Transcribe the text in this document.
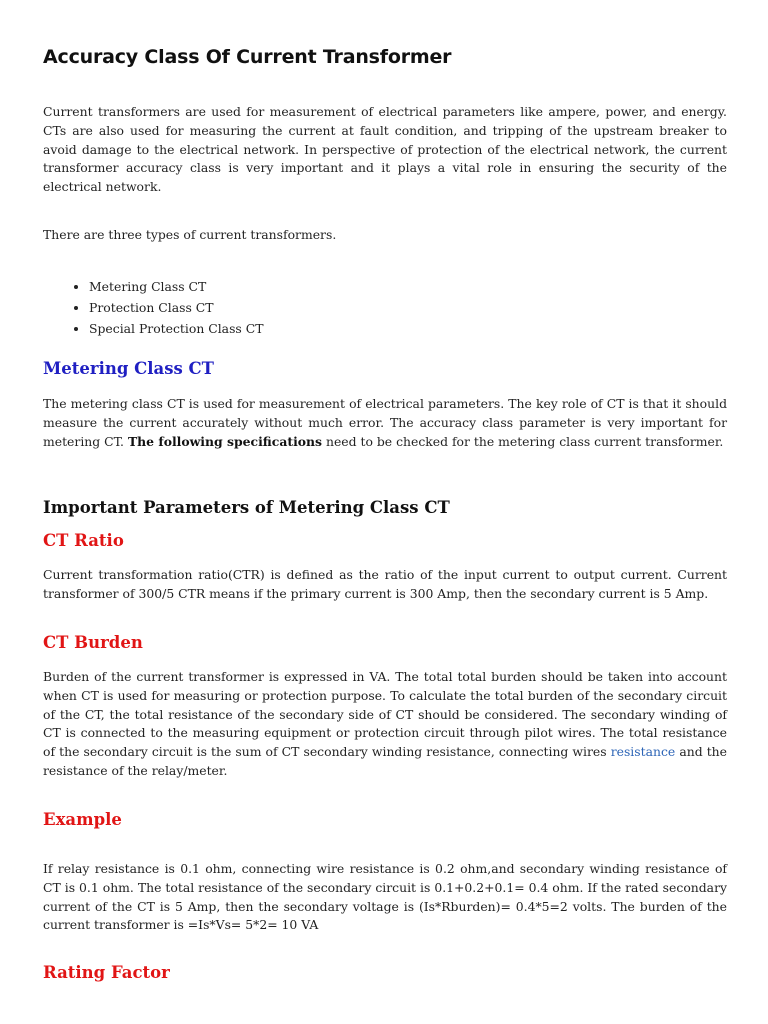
Accuracy Class Of Current Transformer

Current transformers are used for measurement of electrical parameters like ampere, power, and energy. CTs are also used for measuring the current at fault condition, and tripping of the upstream breaker to avoid damage to the electrical network. In perspective of protection of the electrical network, the current transformer accuracy class is very important and it plays a vital role in ensuring the security of the electrical network.

There are three types of current transformers.

• Metering Class CT
• Protection Class CT
• Special Protection Class CT
Metering Class CT

The metering class CT is used for measurement of electrical parameters. The key role of CT is that it should measure the current accurately without much error. The accuracy class parameter is very important for metering CT. The following specifications need to be checked for the metering class current transformer.

Important Parameters of Metering Class CT
CT Ratio

Current transformation ratio(CTR) is defined as the ratio of the input current to output current. Current transformer of 300/5 CTR means if the primary current is 300 Amp, then the secondary current is 5 Amp.

CT Burden

Burden of the current transformer is expressed in VA. The total total burden should be taken into account when CT is used for measuring or protection purpose. To calculate the total burden of the secondary circuit of the CT, the total resistance of the secondary side of CT should be considered. The secondary winding of CT is connected to the measuring equipment or protection circuit through pilot wires. The total resistance of the secondary circuit is the sum of CT secondary winding resistance, connecting wires resistance and the resistance of the relay/meter.

Example

If relay resistance is 0.1 ohm, connecting wire resistance is 0.2 ohm,and secondary winding resistance of CT is 0.1 ohm. The total resistance of the secondary circuit is 0.1+0.2+0.1= 0.4 ohm. If the rated secondary current of the CT is 5 Amp, then the secondary voltage is (Is*Rburden)= 0.4*5=2 volts. The burden of the current transformer is =Is*Vs= 5*2= 10 VA

Rating Factor
